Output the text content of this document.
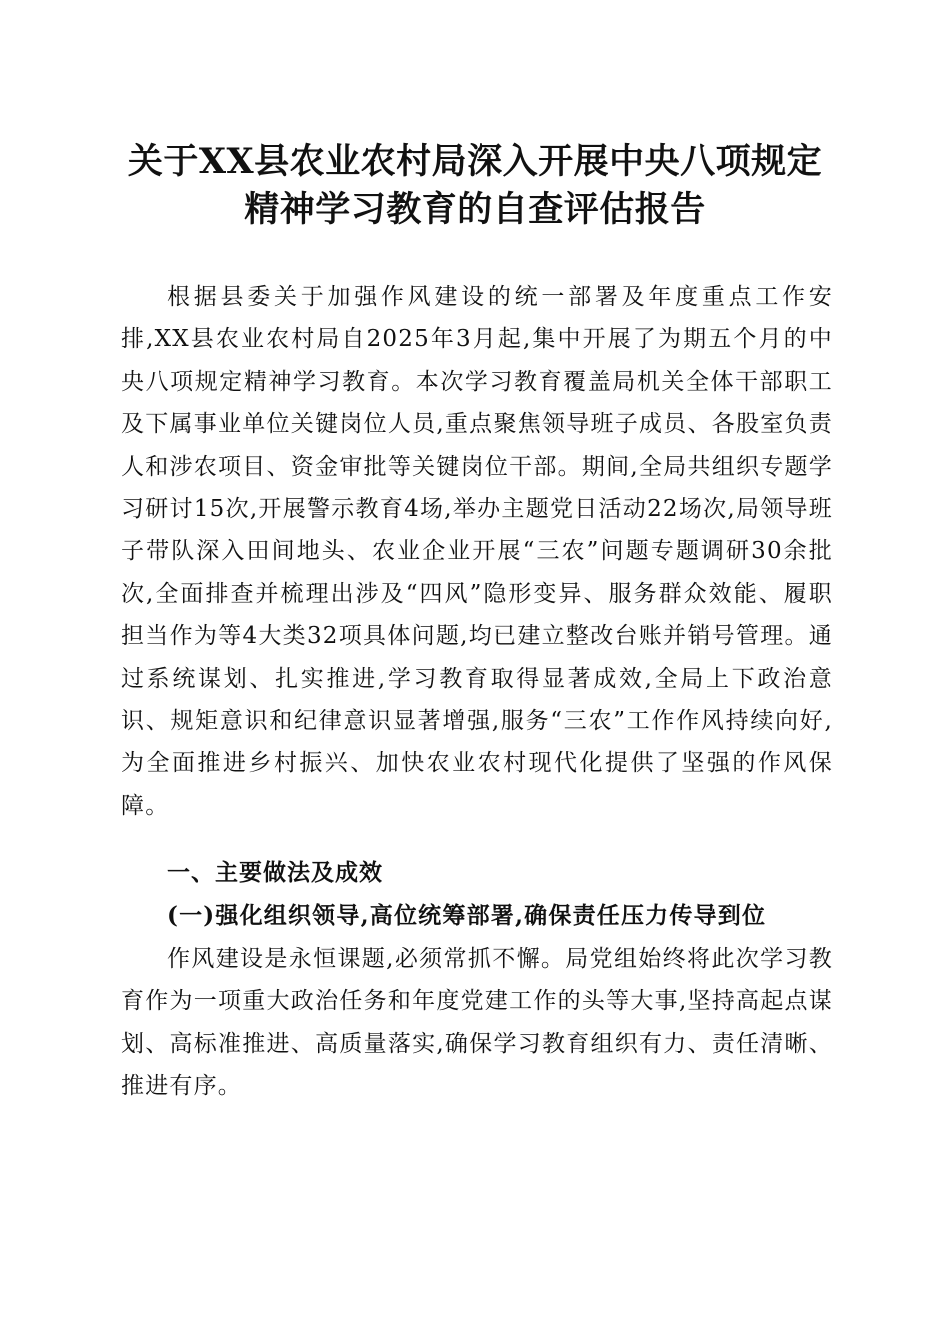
关于XX县农业农村局深入开展中央八项规定
精神学习教育的自查评估报告

根据县委关于加强作风建设的统一部署及年度重点工作安排,XX县农业农村局自2025年3月起,集中开展了为期五个月的中央八项规定精神学习教育。本次学习教育覆盖局机关全体干部职工及下属事业单位关键岗位人员,重点聚焦领导班子成员、各股室负责人和涉农项目、资金审批等关键岗位干部。期间,全局共组织专题学习研讨15次,开展警示教育4场,举办主题党日活动22场次,局领导班子带队深入田间地头、农业企业开展“三农”问题专题调研30余批次,全面排查并梳理出涉及“四风”隐形变异、服务群众效能、履职担当作为等4大类32项具体问题,均已建立整改台账并销号管理。通过系统谋划、扎实推进,学习教育取得显著成效,全局上下政治意识、规矩意识和纪律意识显著增强,服务“三农”工作作风持续向好,为全面推进乡村振兴、加快农业农村现代化提供了坚强的作风保障。

一、主要做法及成效
(一)强化组织领导,高位统筹部署,确保责任压力传导到位

作风建设是永恒课题,必须常抓不懈。局党组始终将此次学习教育作为一项重大政治任务和年度党建工作的头等大事,坚持高起点谋划、高标准推进、高质量落实,确保学习教育组织有力、责任清晰、推进有序。
